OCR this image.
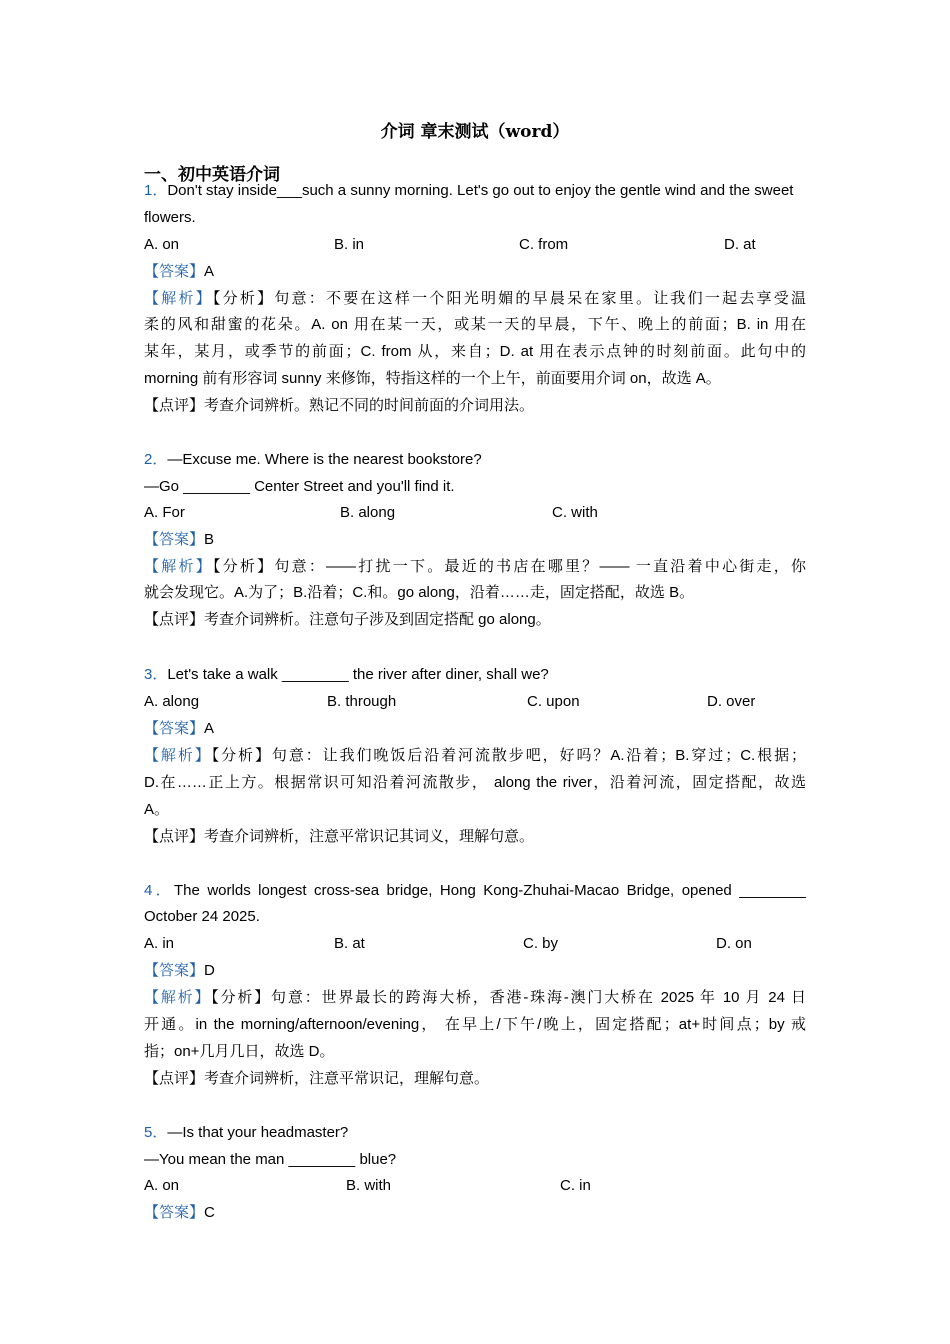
介词 章末测试（word）
一、初中英语介词
1．Don't stay inside___such a sunny morning. Let's go out to enjoy the gentle wind and the sweet
flowers.
A. on	B. in	C. from	D. at
【答案】A
【解析】【分析】句意：不要在这样一个阳光明媚的早晨呆在家里。让我们一起去享受温
柔的风和甜蜜的花朵。A. on 用在某一天，或某一天的早晨，下午、晚上的前面；B. in 用在
某年，某月，或季节的前面；C. from 从，来自；D. at 用在表示点钟的时刻前面。此句中的
morning 前有形容词 sunny 来修饰，特指这样的一个上午，前面要用介词 on，故选 A。
【点评】考查介词辨析。熟记不同的时间前面的介词用法。
2．—Excuse me. Where is the nearest bookstore?
—Go ________ Center Street and you'll find it.
A. For	B. along	C. with
【答案】B
【解析】【分析】句意：——打扰一下。最近的书店在哪里？—— 一直沿着中心街走，你
就会发现它。A.为了；B.沿着；C.和。go along，沿着……走，固定搭配，故选 B。
【点评】考查介词辨析。注意句子涉及到固定搭配 go along。
3．Let's take a walk ________ the river after diner, shall we?
A. along	B. through	C. upon	D. over
【答案】A
【解析】【分析】句意：让我们晚饭后沿着河流散步吧，好吗？A.沿着；B.穿过；C.根据；
D.在……正上方。根据常识可知沿着河流散步， along the river，沿着河流，固定搭配，故选
A。
【点评】考查介词辨析，注意平常识记其词义，理解句意。
4．The worlds longest cross-sea bridge, Hong Kong-Zhuhai-Macao Bridge, opened ________
October 24 2025.
A. in	B. at	C. by	D. on
【答案】D
【解析】【分析】句意：世界最长的跨海大桥，香港-珠海-澳门大桥在 2025 年 10 月 24 日
开通。in the morning/afternoon/evening， 在早上/下午/晚上，固定搭配；at+时间点；by 戒
指；on+几月几日，故选 D。
【点评】考查介词辨析，注意平常识记，理解句意。
5．—Is that your headmaster?
—You mean the man ________ blue?
A. on	B. with	C. in
【答案】C
